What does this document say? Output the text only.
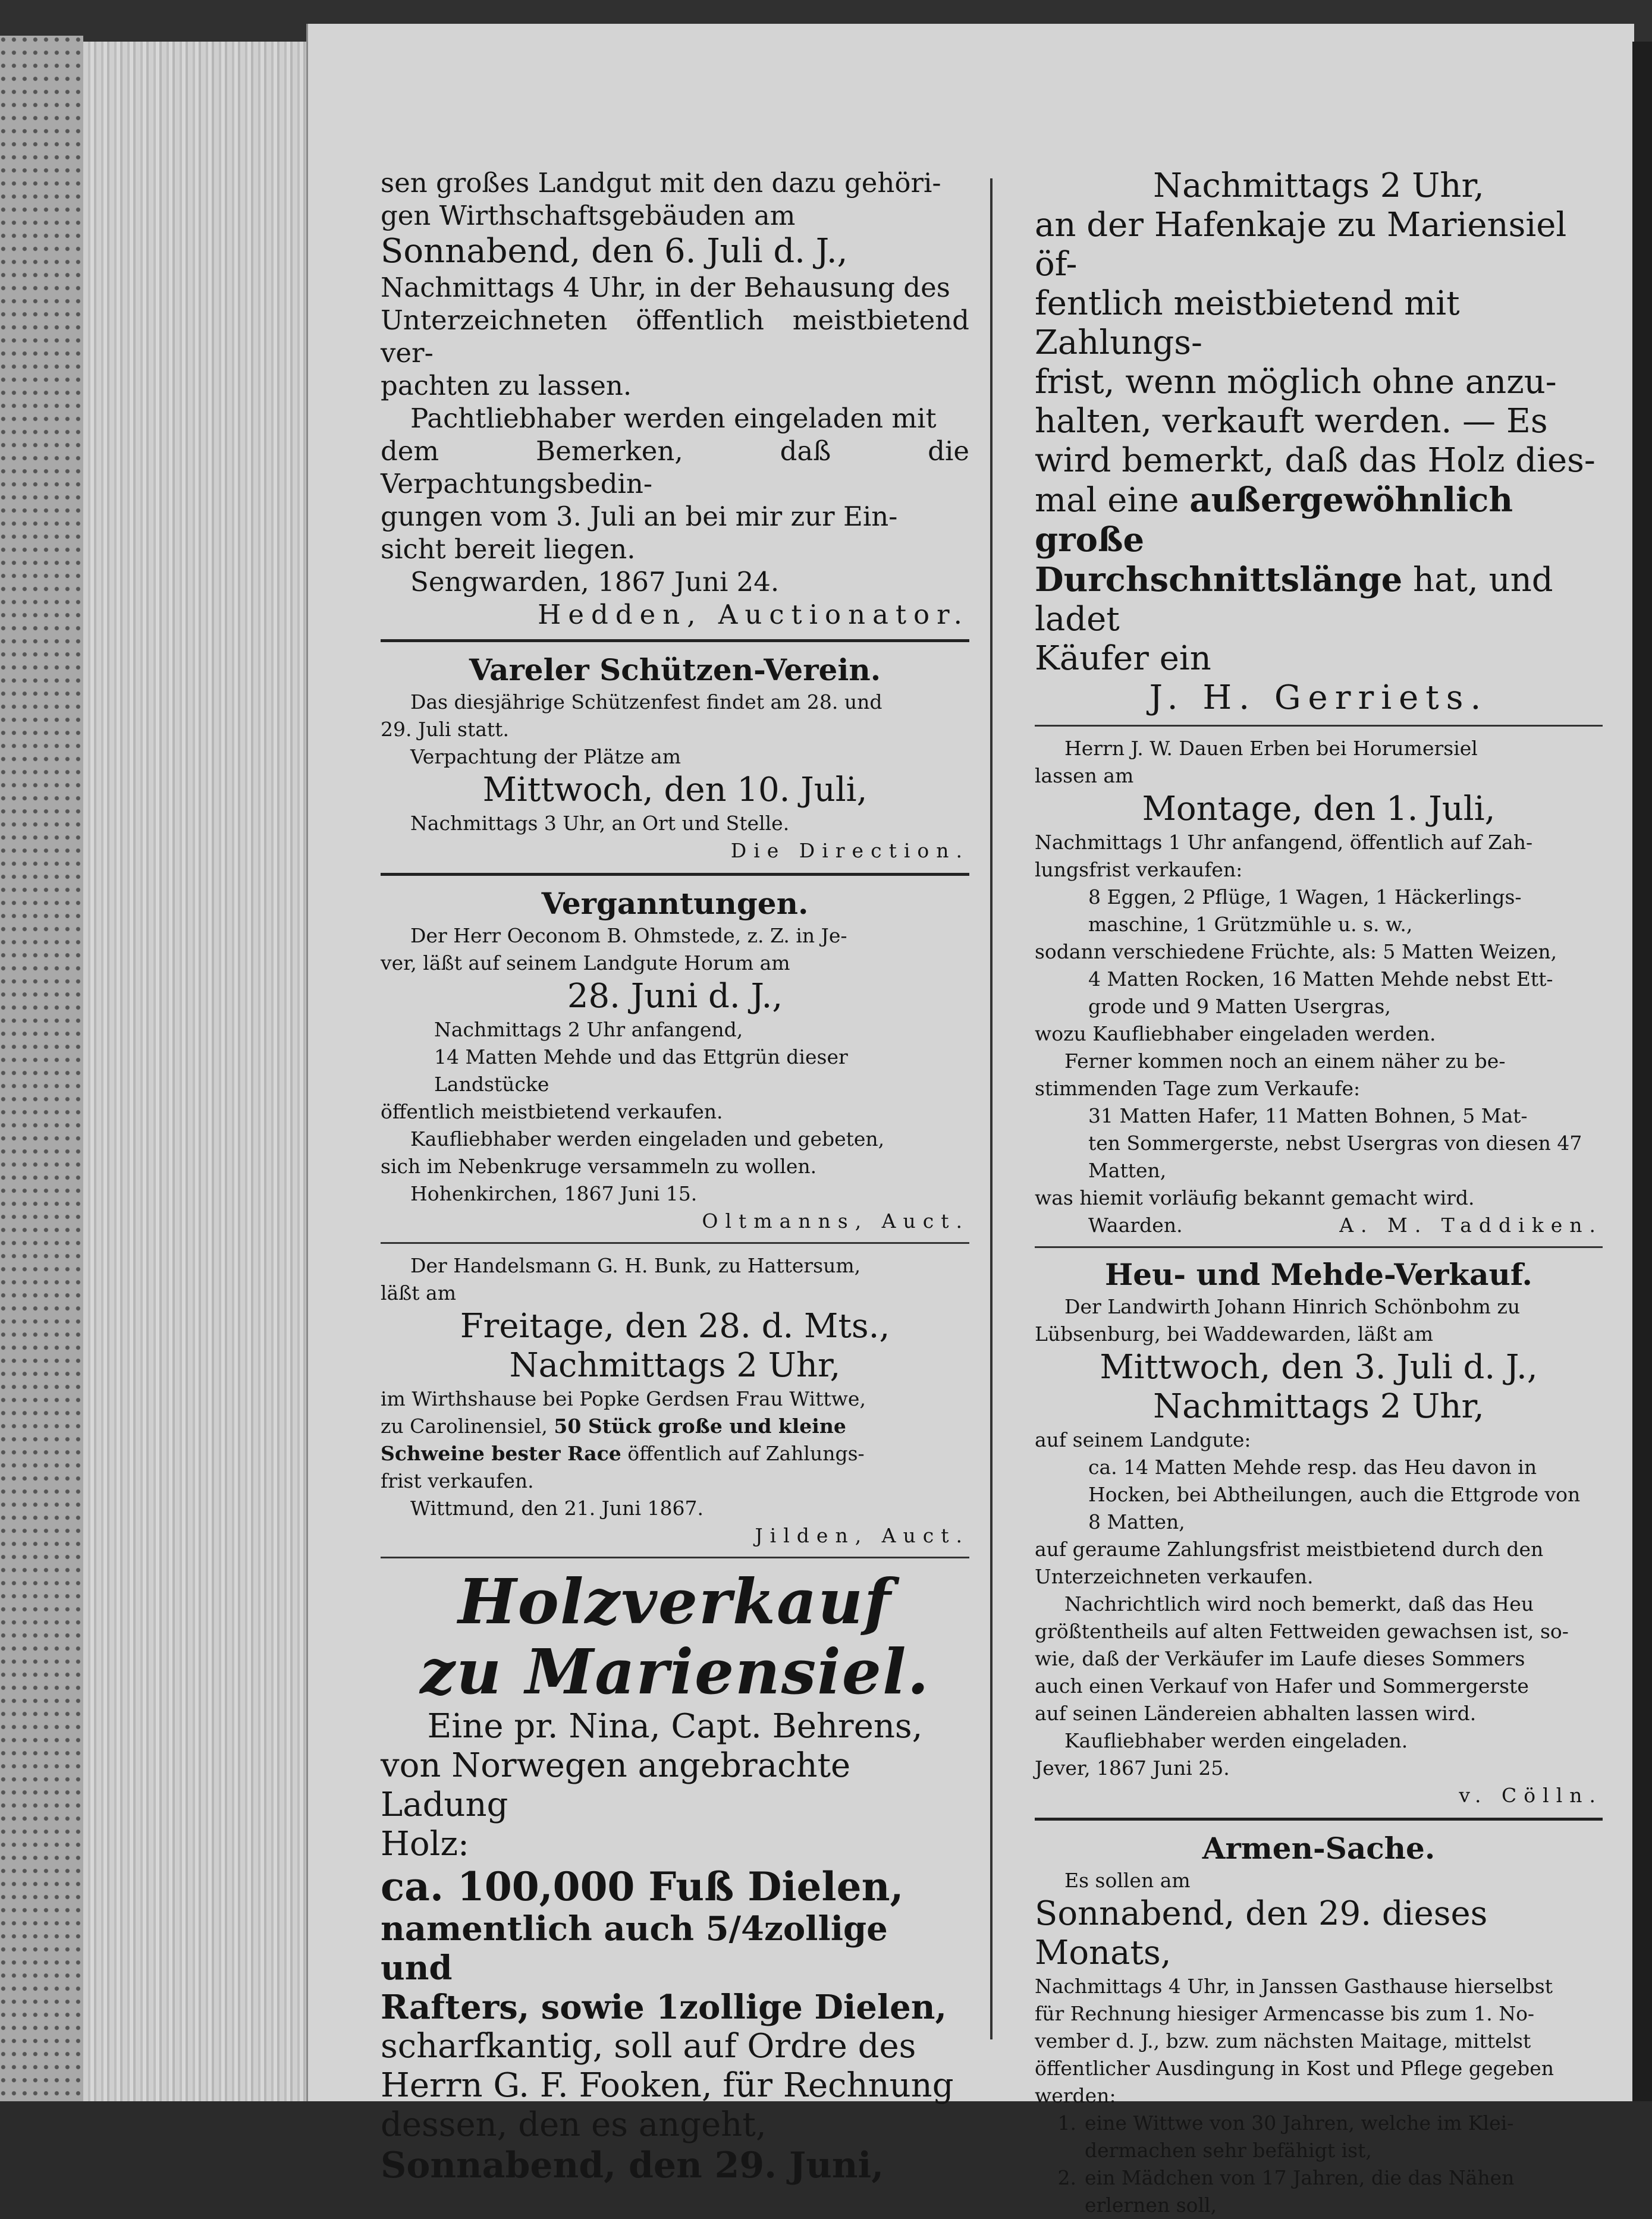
sen großes Landgut mit den dazu gehöri-

gen Wirthschaftsgebäuden am

Sonnabend, den 6. Juli d. J.,

Nachmittags 4 Uhr, in der Behausung des

Unterzeichneten öffentlich meistbietend ver-

pachten zu lassen.

Pachtliebhaber werden eingeladen mit

dem Bemerken, daß die Verpachtungsbedin-

gungen vom 3. Juli an bei mir zur Ein-

sicht bereit liegen.

Sengwarden, 1867 Juni 24.

Hedden, Auctionator.

Vareler Schützen-Verein.

Das diesjährige Schützenfest findet am 28. und

29. Juli statt.

Verpachtung der Plätze am

Mittwoch, den 10. Juli,

Nachmittags 3 Uhr, an Ort und Stelle.

Die Direction.

Verganntungen.

Der Herr Oeconom B. Ohmstede, z. Z. in Je-

ver, läßt auf seinem Landgute Horum am

28. Juni d. J.,

Nachmittags 2 Uhr anfangend,

14 Matten Mehde und das Ettgrün dieser

Landstücke

öffentlich meistbietend verkaufen.

Kaufliebhaber werden eingeladen und gebeten,

sich im Nebenkruge versammeln zu wollen.

Hohenkirchen, 1867 Juni 15.

Oltmanns, Auct.

Der Handelsmann G. H. Bunk, zu Hattersum,

läßt am

Freitage, den 28. d. Mts.,

Nachmittags 2 Uhr,

im Wirthshause bei Popke Gerdsen Frau Wittwe,

zu Carolinensiel, 50 Stück große und kleine

Schweine bester Race öffentlich auf Zahlungs-

frist verkaufen.

Wittmund, den 21. Juni 1867.

Jilden, Auct.

Holzverkauf

zu Mariensiel.

Eine pr. Nina, Capt. Behrens,

von Norwegen angebrachte Ladung

Holz:

ca. 100,000 Fuß Dielen,

namentlich auch 5/4zollige und

Rafters, sowie 1zollige Dielen,

scharfkantig, soll auf Ordre des

Herrn G. F. Fooken, für Rechnung

dessen, den es angeht,

Sonnabend, den 29. Juni,

Nachmittags 2 Uhr,

an der Hafenkaje zu Mariensiel öf-

fentlich meistbietend mit Zahlungs-

frist, wenn möglich ohne anzu-

halten, verkauft werden. — Es

wird bemerkt, daß das Holz dies-

mal eine außergewöhnlich große

Durchschnittslänge hat, und ladet

Käufer ein

J. H. Gerriets.

Herrn J. W. Dauen Erben bei Horumersiel

lassen am

Montage, den 1. Juli,

Nachmittags 1 Uhr anfangend, öffentlich auf Zah-

lungsfrist verkaufen:

8 Eggen, 2 Pflüge, 1 Wagen, 1 Häckerlings-

maschine, 1 Grützmühle u. s. w.,

sodann verschiedene Früchte, als: 5 Matten Weizen,

4 Matten Rocken, 16 Matten Mehde nebst Ett-

grode und 9 Matten Usergras,

wozu Kaufliebhaber eingeladen werden.

Ferner kommen noch an einem näher zu be-

stimmenden Tage zum Verkaufe:

31 Matten Hafer, 11 Matten Bohnen, 5 Mat-

ten Sommergerste, nebst Usergras von diesen 47

Matten,

was hiemit vorläufig bekannt gemacht wird.

Waarden.	A. M. Taddiken.

Heu- und Mehde-Verkauf.

Der Landwirth Johann Hinrich Schönbohm zu

Lübsenburg, bei Waddewarden, läßt am

Mittwoch, den 3. Juli d. J.,

Nachmittags 2 Uhr,

auf seinem Landgute:

ca. 14 Matten Mehde resp. das Heu davon in

Hocken, bei Abtheilungen, auch die Ettgrode von

8 Matten,

auf geraume Zahlungsfrist meistbietend durch den

Unterzeichneten verkaufen.

Nachrichtlich wird noch bemerkt, daß das Heu

größtentheils auf alten Fettweiden gewachsen ist, so-

wie, daß der Verkäufer im Laufe dieses Sommers

auch einen Verkauf von Hafer und Sommergerste

auf seinen Ländereien abhalten lassen wird.

Kaufliebhaber werden eingeladen.

Jever, 1867 Juni 25.

v. Cölln.

Armen-Sache.

Es sollen am

Sonnabend, den 29. dieses Monats,

Nachmittags 4 Uhr, in Janssen Gasthause hierselbst

für Rechnung hiesiger Armencasse bis zum 1. No-

vember d. J., bzw. zum nächsten Maitage, mittelst

öffentlicher Ausdingung in Kost und Pflege gegeben

werden:

1. eine Wittwe von 30 Jahren, welche im Klei-
dermachen sehr befähigt ist,
2. ein Mädchen von 17 Jahren, die das Nähen
erlernen soll,
